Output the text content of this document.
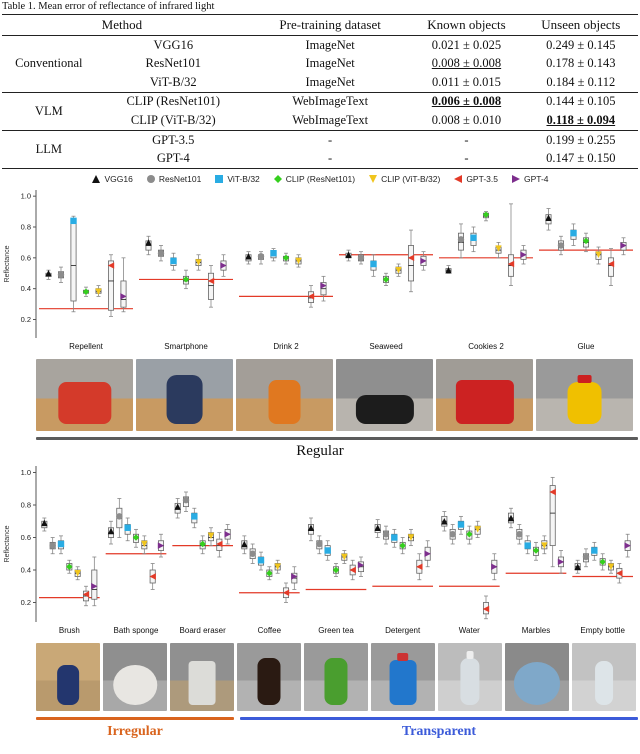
Table 1. Mean error of reflectance of infrared light
	Method	Pre-training dataset	Known objects	Unseen objects
Conventional	VGG16	ImageNet	0.021 ± 0.025	0.249 ± 0.145
	ResNet101	ImageNet	0.008 ± 0.008	0.178 ± 0.143
	ViT-B/32	ImageNet	0.011 ± 0.015	0.184 ± 0.112
VLM	CLIP (ResNet101)	WebImageText	0.006 ± 0.008	0.144 ± 0.105
	CLIP (ViT-B/32)	WebImageText	0.008 ± 0.010	0.118 ± 0.094
LLM	GPT-3.5	-	-	0.199 ± 0.255
	GPT-4	-	-	0.147 ± 0.150
VGG16	ResNet101	ViT-B/32	CLIP (ResNet101)	CLIP (ViT-B/32)	GPT-3.5	GPT-4
0.2
0.4
0.6
0.8
1.0
Reflectance
Repellent	Smartphone	Drink 2	Seaweed	Cookies 2	Glue
Regular
0.2
0.4
0.6
0.8
1.0
Reflectance
Brush	Bath sponge	Board eraser	Coffee	Green tea	Detergent	Water	Marbles	Empty bottle
Irregular	Transparent
